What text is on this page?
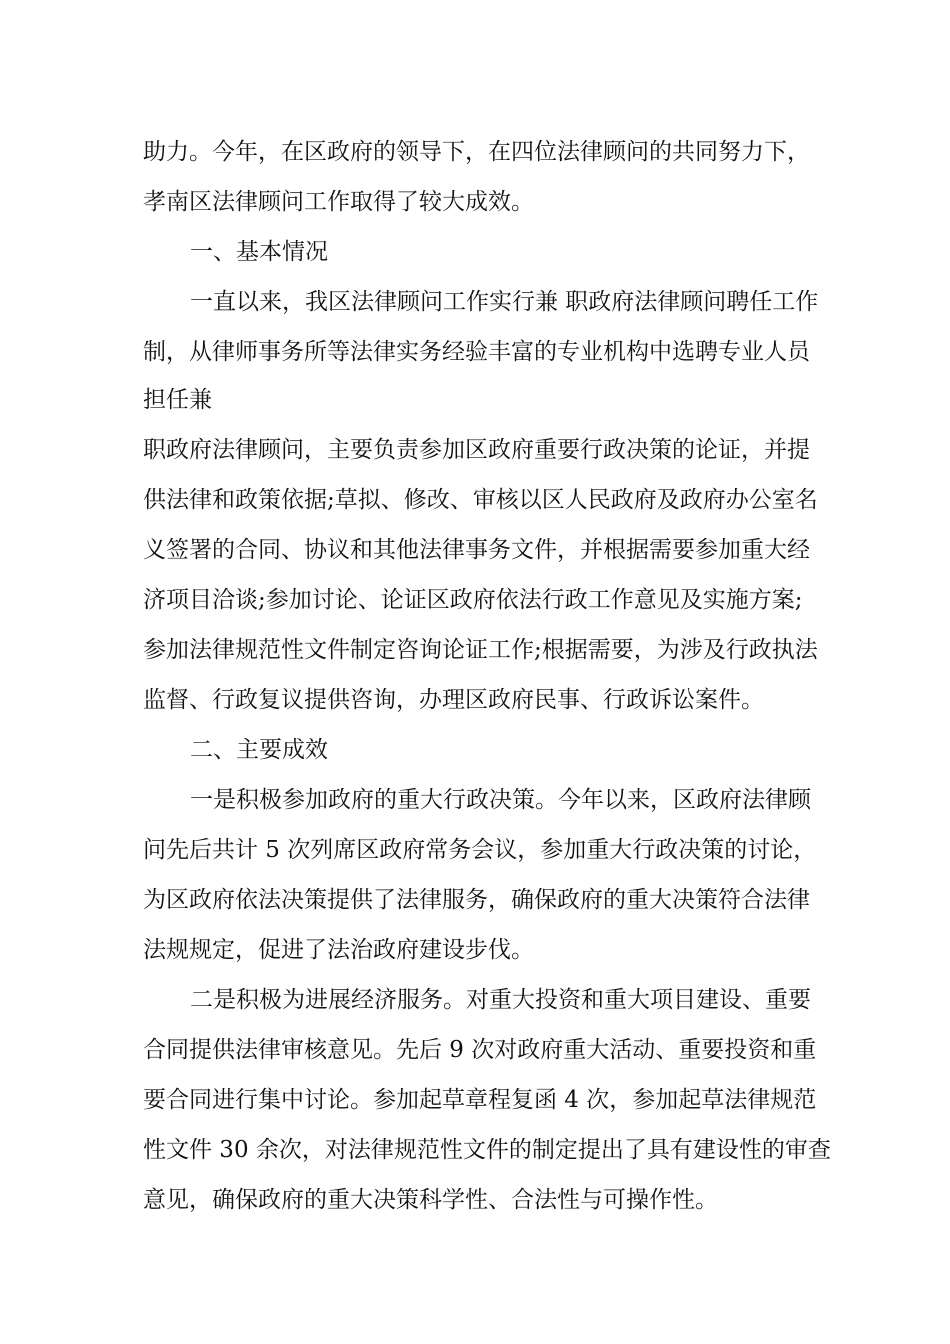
助力。今年，在区政府的领导下，在四位法律顾问的共同努力下，
孝南区法律顾问工作取得了较大成效。
一、基本情况
一直以来，我区法律顾问工作实行兼 职政府法律顾问聘任工作
制，从律师事务所等法律实务经验丰富的专业机构中选聘专业人员
担任兼
职政府法律顾问，主要负责参加区政府重要行政决策的论证，并提
供法律和政策依据;草拟、修改、审核以区人民政府及政府办公室名
义签署的合同、协议和其他法律事务文件，并根据需要参加重大经
济项目洽谈;参加讨论、论证区政府依法行政工作意见及实施方案;
参加法律规范性文件制定咨询论证工作;根据需要，为涉及行政执法
监督、行政复议提供咨询，办理区政府民事、行政诉讼案件。
二、主要成效
一是积极参加政府的重大行政决策。今年以来，区政府法律顾
问先后共计 5 次列席区政府常务会议，参加重大行政决策的讨论，
为区政府依法决策提供了法律服务，确保政府的重大决策符合法律
法规规定，促进了法治政府建设步伐。
二是积极为进展经济服务。对重大投资和重大项目建设、重要
合同提供法律审核意见。先后 9 次对政府重大活动、重要投资和重
要合同进行集中讨论。参加起草章程复函 4 次，参加起草法律规范
性文件 30 余次，对法律规范性文件的制定提出了具有建设性的审查
意见，确保政府的重大决策科学性、合法性与可操作性。
